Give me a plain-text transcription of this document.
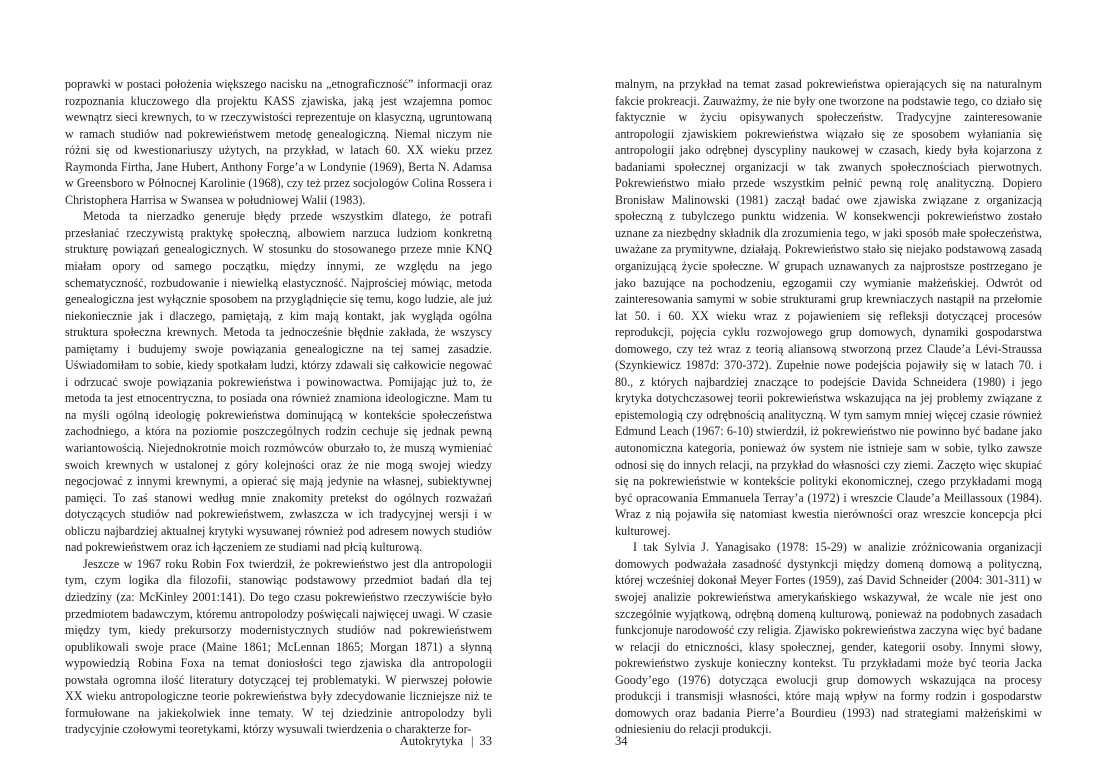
poprawki w postaci położenia większego nacisku na „etnograficzność” informacji oraz rozpoznania kluczowego dla projektu KASS zjawiska, jaką jest wzajemna pomoc wewnątrz sieci krewnych, to w rzeczywistości reprezentuje on klasyczną, ugruntowaną w ramach studiów nad pokrewieństwem metodę genealogiczną. Niemal niczym nie różni się od kwestionariuszy użytych, na przykład, w latach 60. XX wieku przez Raymonda Firtha, Jane Hubert, Anthony Forge’a w Londynie (1969), Berta N. Adamsa w Greensboro w Północnej Karolinie (1968), czy też przez socjologów Colina Rossera i Christophera Harrisa w Swansea w południowej Walii (1983).

Metoda ta nierzadko generuje błędy przede wszystkim dlatego, że potrafi przesłaniać rzeczywistą praktykę społeczną, albowiem narzuca ludziom konkretną strukturę powiązań genealogicznych. W stosunku do stosowanego przeze mnie KNQ miałam opory od samego początku, między innymi, ze względu na jego schematyczność, rozbudowanie i niewielką elastyczność. Najprościej mówiąc, metoda genealogiczna jest wyłącznie sposobem na przyglądnięcie się temu, kogo ludzie, ale już niekoniecznie jak i dlaczego, pamiętają, z kim mają kontakt, jak wygląda ogólna struktura społeczna krewnych. Metoda ta jednocześnie błędnie zakłada, że wszyscy pamiętamy i budujemy swoje powiązania genealogiczne na tej samej zasadzie. Uświadomiłam to sobie, kiedy spotkałam ludzi, którzy zdawali się całkowicie negować i odrzucać swoje powiązania pokrewieństwa i powinowactwa. Pomijając już to, że metoda ta jest etnocentryczna, to posiada ona również znamiona ideologiczne. Mam tu na myśli ogólną ideologię pokrewieństwa dominującą w kontekście społeczeństwa zachodniego, a która na poziomie poszczególnych rodzin cechuje się jednak pewną wariantowością. Niejednokrotnie moich rozmówców oburzało to, że muszą wymieniać swoich krewnych w ustalonej z góry kolejności oraz że nie mogą swojej wiedzy negocjować z innymi krewnymi, a opierać się mają jedynie na własnej, subiektywnej pamięci. To zaś stanowi według mnie znakomity pretekst do ogólnych rozważań dotyczących studiów nad pokrewieństwem, zwłaszcza w ich tradycyjnej wersji i w obliczu najbardziej aktualnej krytyki wysuwanej również pod adresem nowych studiów nad pokrewieństwem oraz ich łączeniem ze studiami nad płcią kulturową.

Jeszcze w 1967 roku Robin Fox twierdził, że pokrewieństwo jest dla antropologii tym, czym logika dla filozofii, stanowiąc podstawowy przedmiot badań dla tej dziedziny (za: McKinley 2001:141). Do tego czasu pokrewieństwo rzeczywiście było przedmiotem badawczym, któremu antropolodzy poświęcali najwięcej uwagi. W czasie między tym, kiedy prekursorzy modernistycznych studiów nad pokrewieństwem opublikowali swoje prace (Maine 1861; McLennan 1865; Morgan 1871) a słynną wypowiedzią Robina Foxa na temat doniosłości tego zjawiska dla antropologii powstała ogromna ilość literatury dotyczącej tej problematyki. W pierwszej połowie XX wieku antropologiczne teorie pokrewieństwa były zdecydowanie liczniejsze niż te formułowane na jakiekolwiek inne tematy. W tej dziedzinie antropolodzy byli tradycyjnie czołowymi teoretykami, którzy wysuwali twierdzenia o charakterze for-

Autokrytyka | 33

malnym, na przykład na temat zasad pokrewieństwa opierających się na naturalnym fakcie prokreacji. Zauważmy, że nie były one tworzone na podstawie tego, co działo się faktycznie w życiu opisywanych społeczeństw. Tradycyjne zainteresowanie antropologii zjawiskiem pokrewieństwa wiązało się ze sposobem wyłaniania się antropologii jako odrębnej dyscypliny naukowej w czasach, kiedy była kojarzona z badaniami społecznej organizacji w tak zwanych społecznościach pierwotnych. Pokrewieństwo miało przede wszystkim pełnić pewną rolę analityczną. Dopiero Bronisław Malinowski (1981) zaczął badać owe zjawiska związane z organizacją społeczną z tubylczego punktu widzenia. W konsekwencji pokrewieństwo zostało uznane za niezbędny składnik dla zrozumienia tego, w jaki sposób małe społeczeństwa, uważane za prymitywne, działają. Pokrewieństwo stało się niejako podstawową zasadą organizującą życie społeczne. W grupach uznawanych za najprostsze postrzegano je jako bazujące na pochodzeniu, egzogamii czy wymianie małżeńskiej. Odwrót od zainteresowania samymi w sobie strukturami grup krewniaczych nastąpił na przełomie lat 50. i 60. XX wieku wraz z pojawieniem się refleksji dotyczącej procesów reprodukcji, pojęcia cyklu rozwojowego grup domowych, dynamiki gospodarstwa domowego, czy też wraz z teorią aliansową stworzoną przez Claude’a Lévi-Straussa (Szynkiewicz 1987d: 370-372). Zupełnie nowe podejścia pojawiły się w latach 70. i 80., z których najbardziej znaczące to podejście Davida Schneidera (1980) i jego krytyka dotychczasowej teorii pokrewieństwa wskazująca na jej problemy związane z epistemologią czy odrębnością analityczną. W tym samym mniej więcej czasie również Edmund Leach (1967: 6-10) stwierdził, iż pokrewieństwo nie powinno być badane jako autonomiczna kategoria, ponieważ ów system nie istnieje sam w sobie, tylko zawsze odnosi się do innych relacji, na przykład do własności czy ziemi. Zaczęto więc skupiać się na pokrewieństwie w kontekście polityki ekonomicznej, czego przykładami mogą być opracowania Emmanuela Terray’a (1972) i wreszcie Claude’a Meillassoux (1984). Wraz z nią pojawiła się natomiast kwestia nierówności oraz wreszcie koncepcja płci kulturowej.

I tak Sylvia J. Yanagisako (1978: 15-29) w analizie zróżnicowania organizacji domowych podważała zasadność dystynkcji między domeną domową a polityczną, której wcześniej dokonał Meyer Fortes (1959), zaś David Schneider (2004: 301-311) w swojej analizie pokrewieństwa amerykańskiego wskazywał, że wcale nie jest ono szczególnie wyjątkową, odrębną domeną kulturową, ponieważ na podobnych zasadach funkcjonuje narodowość czy religia. Zjawisko pokrewieństwa zaczyna więc być badane w relacji do etniczności, klasy społecznej, gender, kategorii osoby. Innymi słowy, pokrewieństwo zyskuje konieczny kontekst. Tu przykładami może być teoria Jacka Goody’ego (1976) dotycząca ewolucji grup domowych wskazująca na procesy produkcji i transmisji własności, które mają wpływ na formy rodzin i gospodarstw domowych oraz badania Pierre’a Bourdieu (1993) nad strategiami małżeńskimi w odniesieniu do relacji produkcji.

34
